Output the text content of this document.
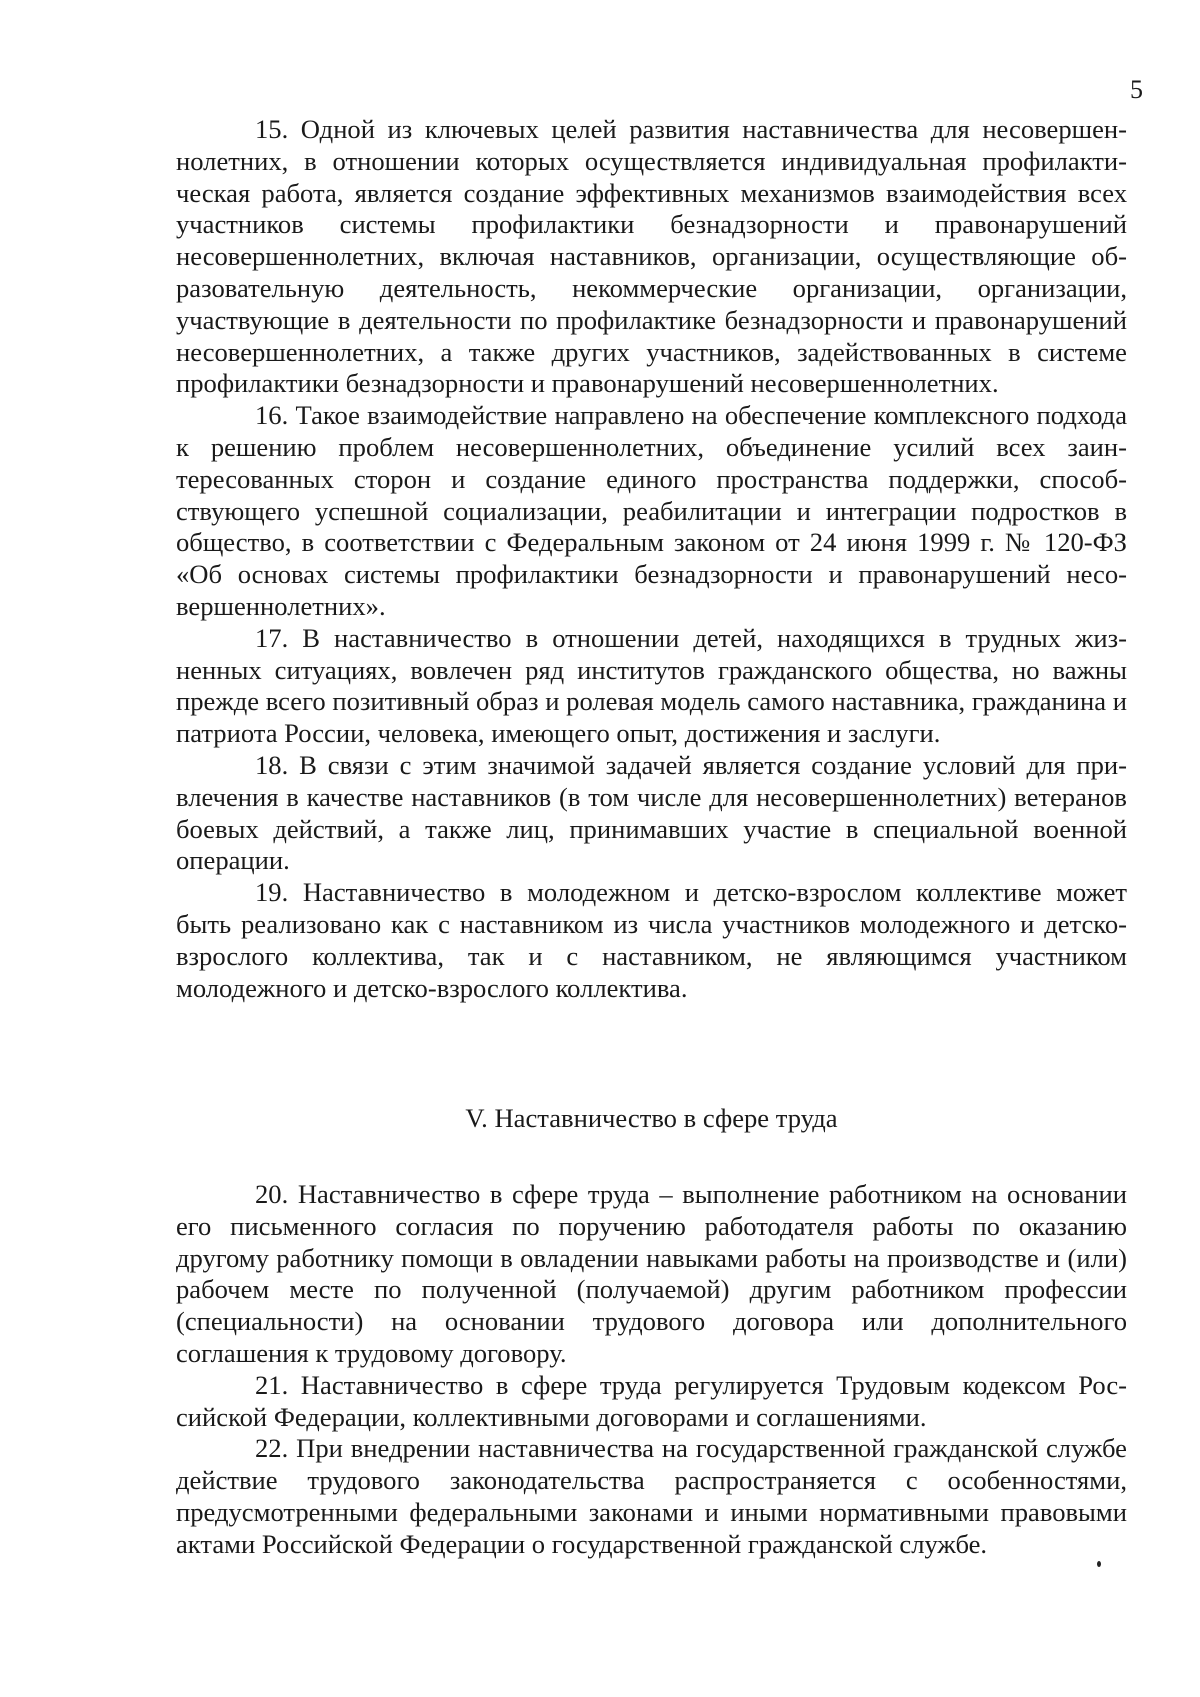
5

15. Одной из ключевых целей развития наставничества для несовершеннолетних, в отношении которых осуществляется индивидуальная профилактическая работа, является создание эффективных механизмов взаимодействия всех участников системы профилактики безнадзорности и правонарушений несовершеннолетних, включая наставников, организации, осуществляющие образовательную деятельность, некоммерческие организации, организации, участвующие в деятельности по профилактике безнадзорности и правонарушений несовершеннолетних, а также других участников, задействованных в системе профилактики безнадзорности и правонарушений несовершеннолетних.

16. Такое взаимодействие направлено на обеспечение комплексного подхода к решению проблем несовершеннолетних, объединение усилий всех заинтересованных сторон и создание единого пространства поддержки, способствующего успешной социализации, реабилитации и интеграции подростков в общество, в соответствии с Федеральным законом от 24 июня 1999 г. № 120-ФЗ «Об основах системы профилактики безнадзорности и правонарушений несовершеннолетних».

17. В наставничество в отношении детей, находящихся в трудных жизненных ситуациях, вовлечен ряд институтов гражданского общества, но важны прежде всего позитивный образ и ролевая модель самого наставника, гражданина и патриота России, человека, имеющего опыт, достижения и заслуги.

18. В связи с этим значимой задачей является создание условий для привлечения в качестве наставников (в том числе для несовершеннолетних) ветеранов боевых действий, а также лиц, принимавших участие в специальной военной операции.

19. Наставничество в молодежном и детско-взрослом коллективе может быть реализовано как с наставником из числа участников молодежного и детско-взрослого коллектива, так и с наставником, не являющимся участником молодежного и детско-взрослого коллектива.

V. Наставничество в сфере труда

20. Наставничество в сфере труда – выполнение работником на основании его письменного согласия по поручению работодателя работы по оказанию другому работнику помощи в овладении навыками работы на производстве и (или) рабочем месте по полученной (получаемой) другим работником профессии (специальности) на основании трудового договора или дополнительного соглашения к трудовому договору.

21. Наставничество в сфере труда регулируется Трудовым кодексом Российской Федерации, коллективными договорами и соглашениями.

22. При внедрении наставничества на государственной гражданской службе действие трудового законодательства распространяется с особенностями, предусмотренными федеральными законами и иными нормативными правовыми актами Российской Федерации о государственной гражданской службе.
